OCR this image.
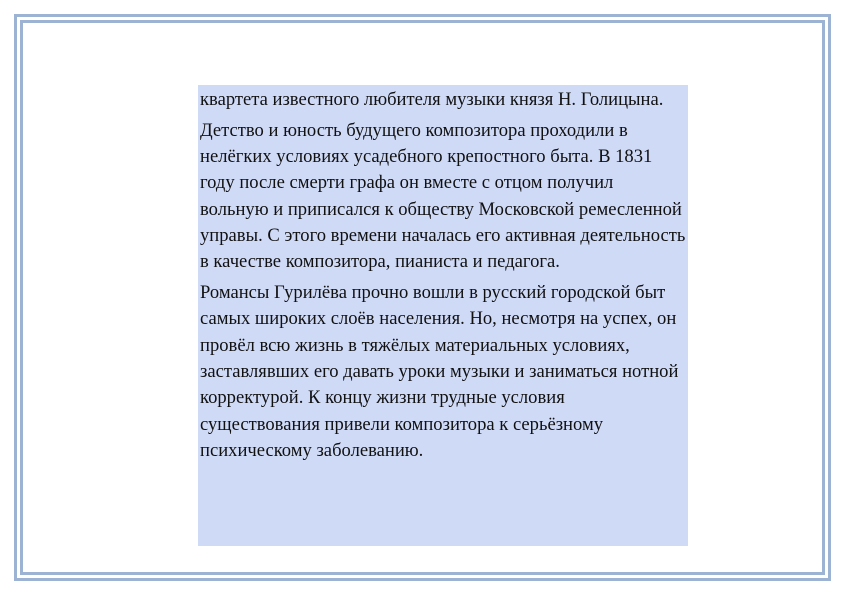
квартета известного любителя музыки князя Н. Голицына.

Детство и юность будущего композитора проходили в нелёгких условиях усадебного крепостного быта. В 1831 году после смерти графа он вместе с отцом получил вольную и приписался к обществу Московской ремесленной управы. С этого времени началась его активная деятельность в качестве композитора, пианиста и педагога.

Романсы Гурилёва прочно вошли в русский городской быт самых широких слоёв населения. Но, несмотря на успех, он провёл всю жизнь в тяжёлых материальных условиях, заставлявших его давать уроки музыки и заниматься нотной корректурой. К концу жизни трудные условия существования привели композитора к серьёзному психическому заболеванию.
